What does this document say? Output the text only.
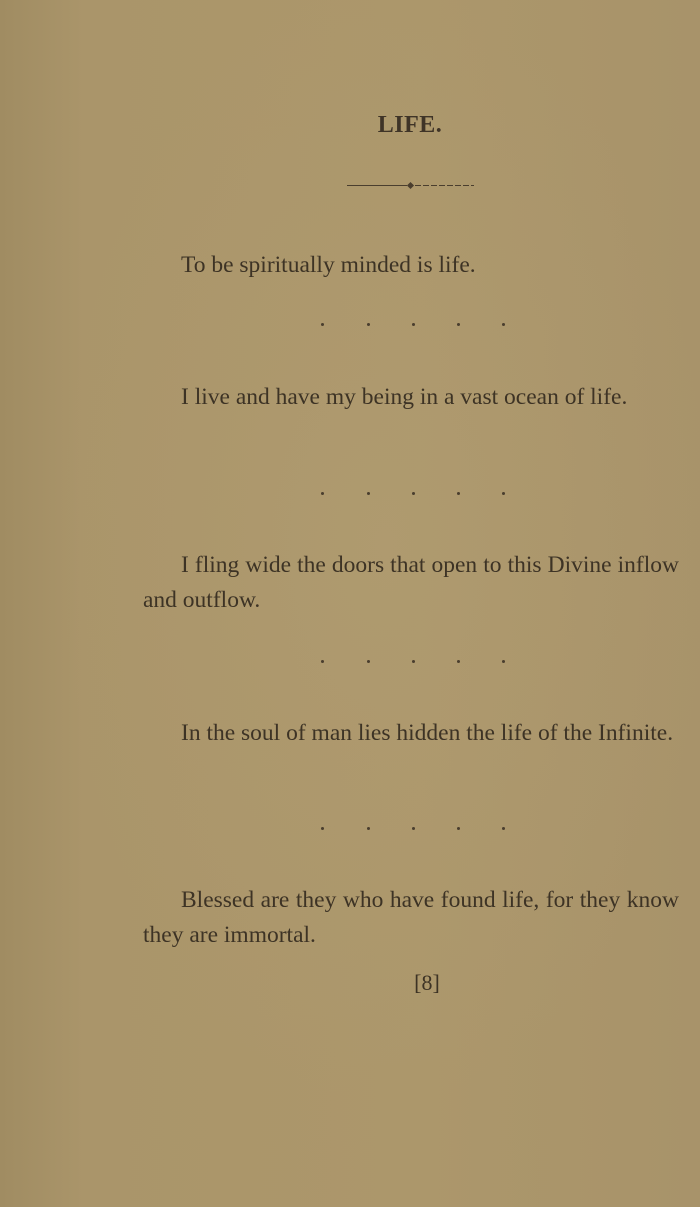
LIFE.

To be spiritually minded is life.

I live and have my being in a vast ocean of life.

I fling wide the doors that open to this Divine inflow and outflow.

In the soul of man lies hidden the life of the Infinite.

Blessed are they who have found life, for they know they are immortal.

[8]
